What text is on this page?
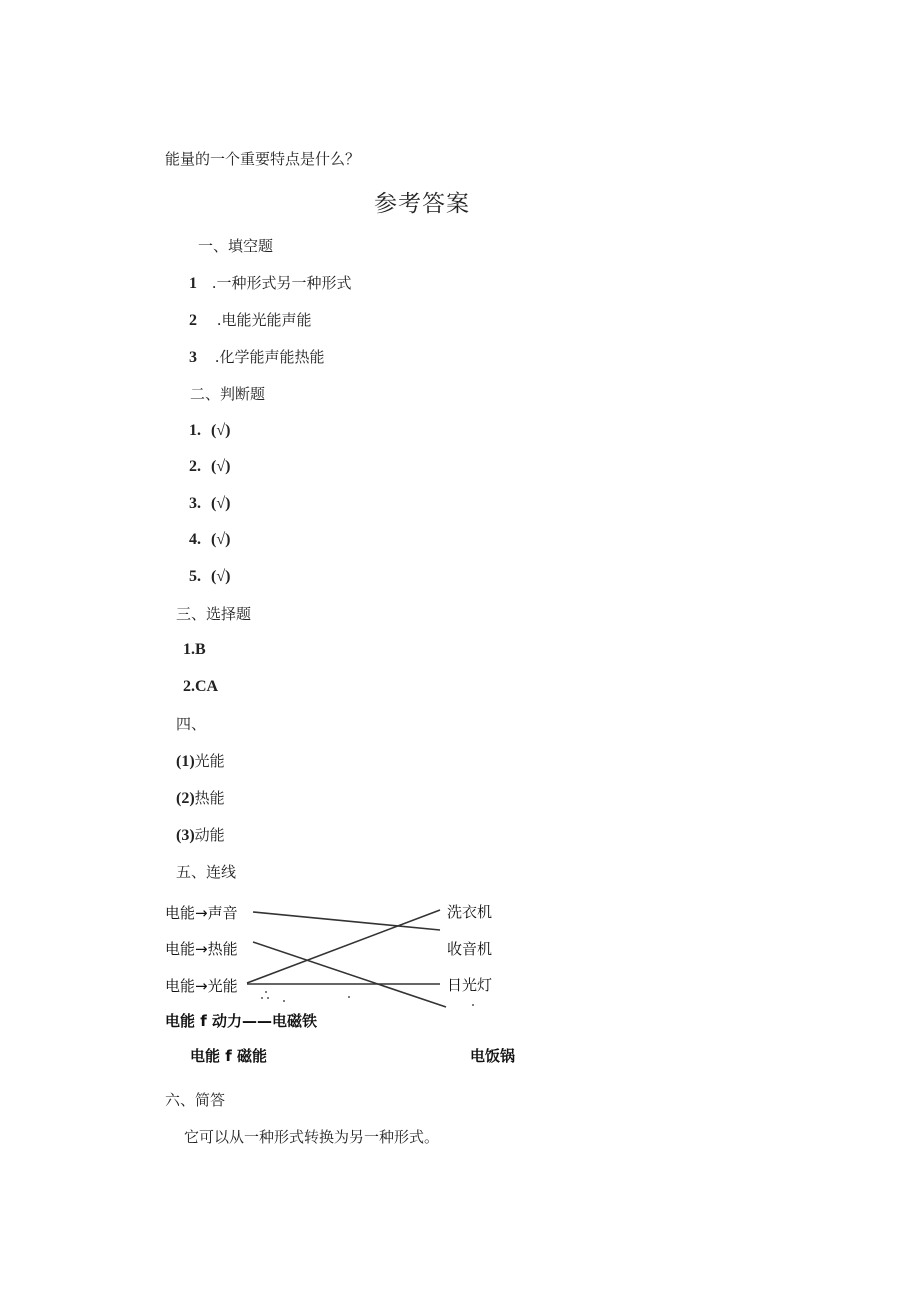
能量的一个重要特点是什么？
参考答案
一、填空题
1 .一种形式另一种形式
2 .电能光能声能
3 .化学能声能热能
二、判断题
1. (√)
2. (√)
3. (√)
4. (√)
5. (√)
三、选择题
1.B
2.CA
四、
(1)光能
(2)热能
(3)动能
五、连线
电能→声音
电能→热能
电能→光能
洗衣机
收音机
日光灯
电能 f 动力——电磁铁
电能 f 磁能	电饭锅
六、简答
它可以从一种形式转换为另一种形式。
